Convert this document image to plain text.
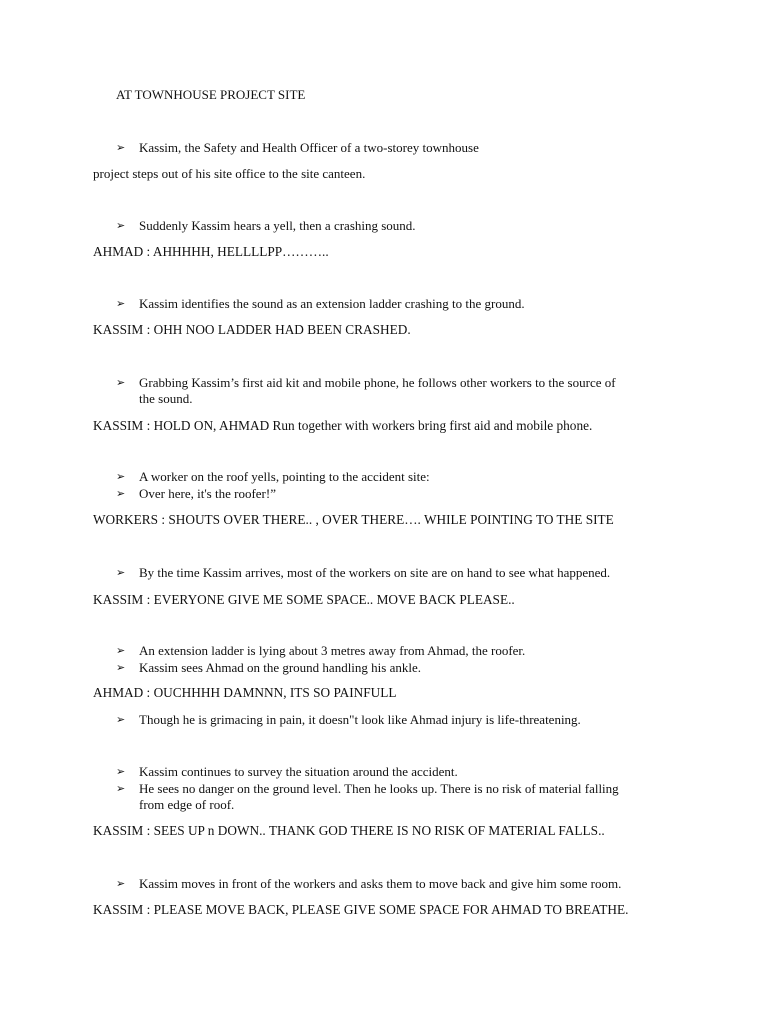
AT TOWNHOUSE PROJECT SITE
➢ Kassim, the Safety and Health Officer of a two-storey townhouse
project steps out of his site office to the site canteen.
➢ Suddenly Kassim hears a yell, then a crashing sound.
AHMAD : AHHHHH, HELLLLPP………..
➢ Kassim identifies the sound as an extension ladder crashing to the ground.
KASSIM : OHH NOO LADDER HAD BEEN CRASHED.
➢ Grabbing Kassim’s first aid kit and mobile phone, he follows other workers to the source of
the sound.
KASSIM : HOLD ON, AHMAD Run together with workers bring first aid and mobile phone.
➢ A worker on the roof yells, pointing to the accident site:
➢ Over here, it's the roofer!”
WORKERS : SHOUTS OVER THERE.. , OVER THERE…. WHILE POINTING TO THE SITE
➢ By the time Kassim arrives, most of the workers on site are on hand to see what happened.
KASSIM : EVERYONE GIVE ME SOME SPACE.. MOVE BACK PLEASE..
➢ An extension ladder is lying about 3 metres away from Ahmad, the roofer.
➢ Kassim sees Ahmad on the ground handling his ankle.
AHMAD : OUCHHHH DAMNNN, ITS SO PAINFULL
➢ Though he is grimacing in pain, it doesn"t look like Ahmad injury is life-threatening.
➢ Kassim continues to survey the situation around the accident.
➢ He sees no danger on the ground level. Then he looks up. There is no risk of material falling
from edge of roof.
KASSIM : SEES UP n DOWN.. THANK GOD THERE IS NO RISK OF MATERIAL FALLS..
➢ Kassim moves in front of the workers and asks them to move back and give him some room.
KASSIM : PLEASE MOVE BACK, PLEASE GIVE SOME SPACE FOR AHMAD TO BREATHE.
